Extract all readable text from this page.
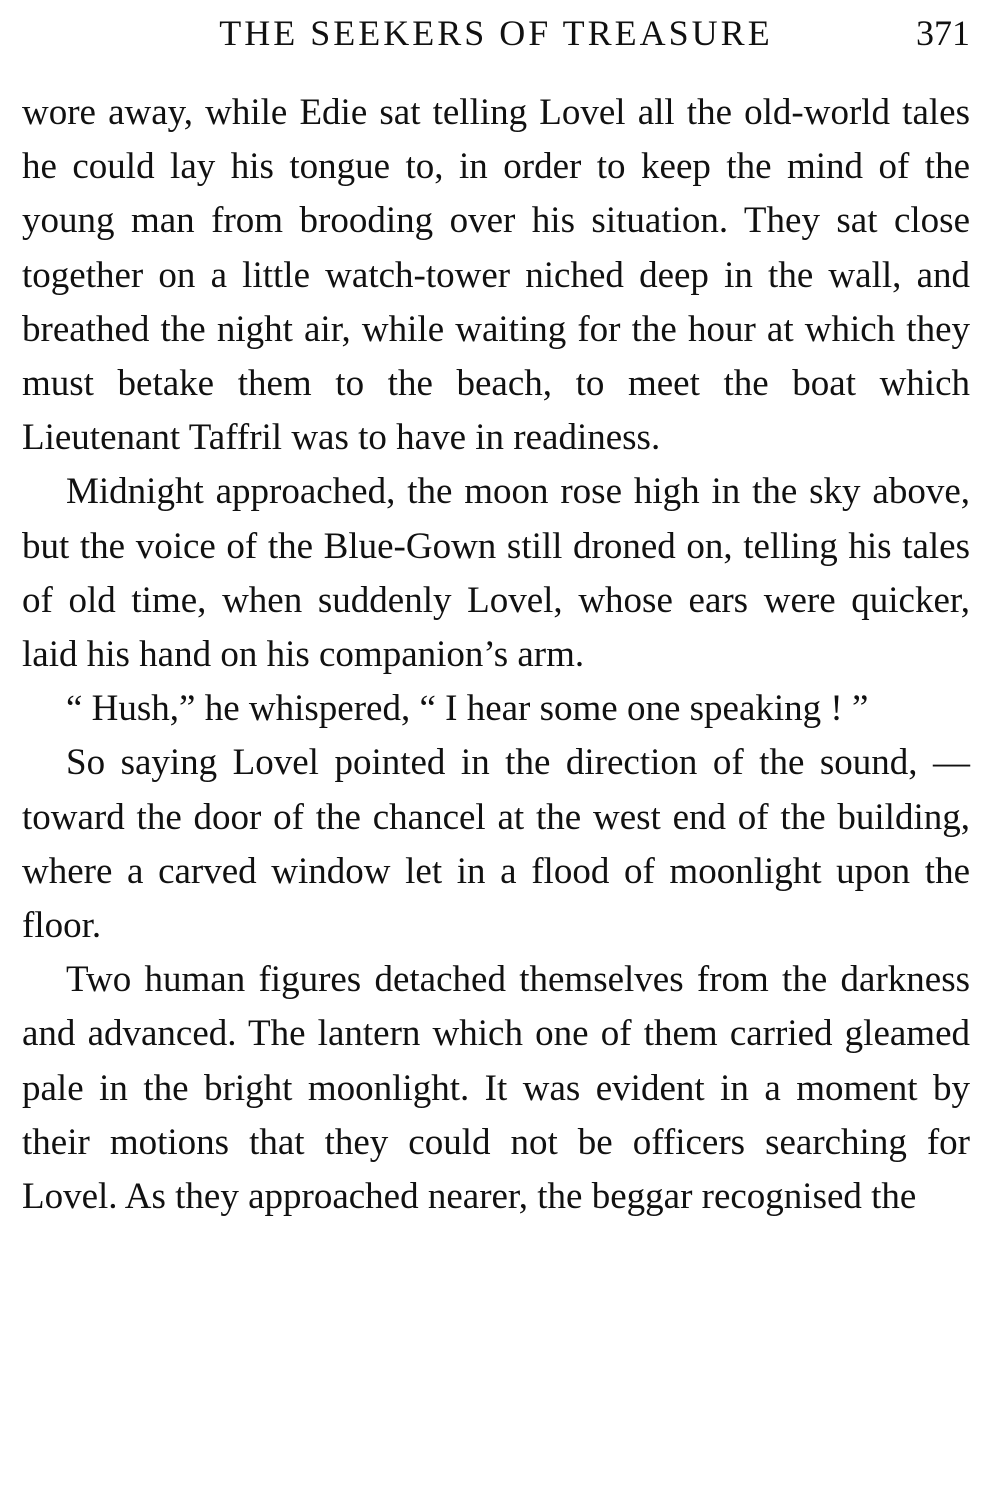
THE SEEKERS OF TREASURE	371

wore away, while Edie sat telling Lovel all the old-world tales he could lay his tongue to, in order to keep the mind of the young man from brooding over his situation. They sat close together on a little watch-tower niched deep in the wall, and breathed the night air, while waiting for the hour at which they must betake them to the beach, to meet the boat which Lieutenant Taffril was to have in readiness.

Midnight approached, the moon rose high in the sky above, but the voice of the Blue-Gown still droned on, telling his tales of old time, when suddenly Lovel, whose ears were quicker, laid his hand on his companion’s arm.

“ Hush,” he whispered, “ I hear some one speaking ! ”

So saying Lovel pointed in the direction of the sound, — toward the door of the chancel at the west end of the building, where a carved window let in a flood of moonlight upon the floor.

Two human figures detached themselves from the darkness and advanced. The lantern which one of them carried gleamed pale in the bright moonlight. It was evident in a moment by their motions that they could not be officers searching for Lovel. As they approached nearer, the beggar recognised the
